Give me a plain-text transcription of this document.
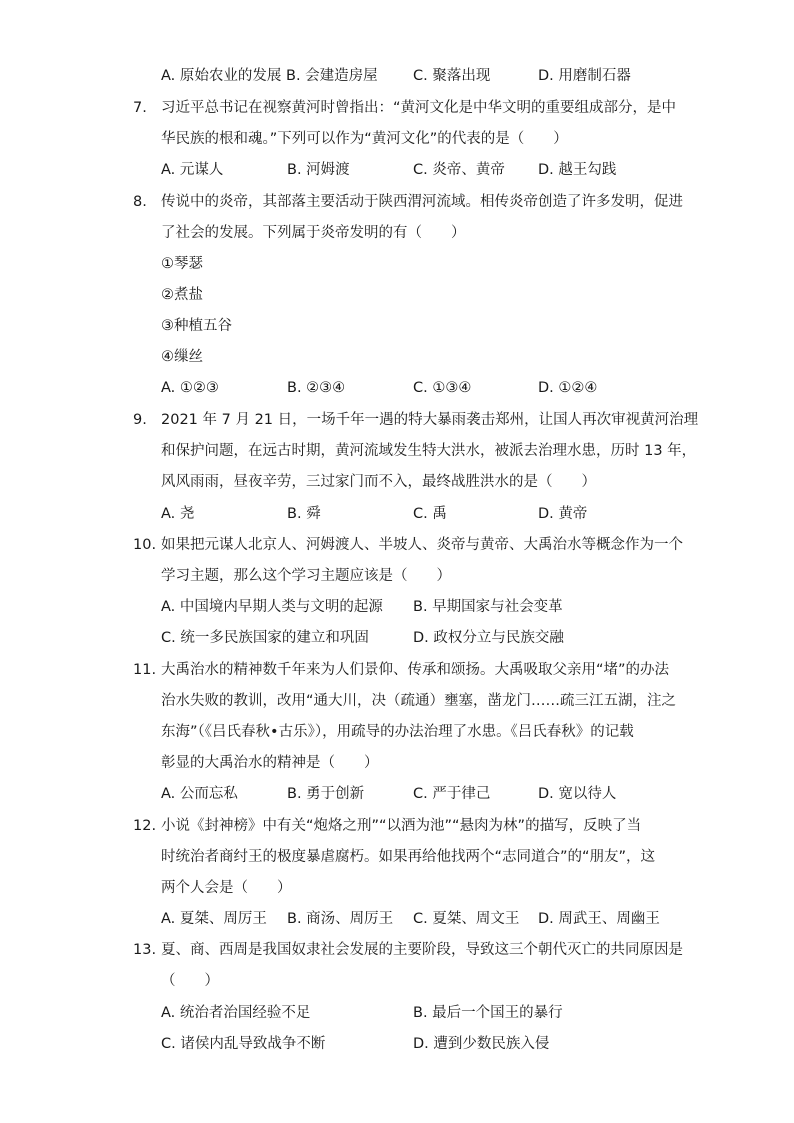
A. 原始农业的发展 B. 会建造房屋 C. 聚落出现	D. 用磨制石器
7. 习近平总书记在视察黄河时曾指出：“黄河文化是中华文明的重要组成部分，是中
华民族的根和魂。”下列可以作为“黄河文化”的代表的是（　　）
A. 元谋人	B. 河姆渡	C. 炎帝、黄帝 D. 越王勾践
8. 传说中的炎帝，其部落主要活动于陕西渭河流域。相传炎帝创造了许多发明，促进
了社会的发展。下列属于炎帝发明的有（　　）
①琴瑟
②煮盐
③种植五谷
④缫丝
A. ①②③	B. ②③④	C. ①③④	D. ①②④
9. 2021 年 7 月 21 日，一场千年一遇的特大暴雨袭击郑州，让国人再次审视黄河治理
和保护问题，在远古时期，黄河流域发生特大洪水，被派去治理水患，历时 13 年，
风风雨雨，昼夜辛劳，三过家门而不入，最终战胜洪水的是（　　）
A. 尧	B. 舜	C. 禹	D. 黄帝
10. 如果把元谋人北京人、河姆渡人、半坡人、炎帝与黄帝、大禹治水等概念作为一个
学习主题，那么这个学习主题应该是（　　）
A. 中国境内早期人类与文明的起源 B. 早期国家与社会变革
C. 统一多民族国家的建立和巩固	D. 政权分立与民族交融
11. 大禹治水的精神数千年来为人们景仰、传承和颂扬。大禹吸取父亲用“堵”的办法
治水失败的教训，改用“通大川，决（疏通）壅塞，凿龙门……疏三江五湖，注之
东海”（《吕氏春秋•古乐》），用疏导的办法治理了水患。《吕氏春秋》的记载
彰显的大禹治水的精神是（　　）
A. 公而忘私	B. 勇于创新	C. 严于律己	D. 宽以待人
12. 小说《封神榜》中有关“炮烙之刑”“以酒为池”“悬肉为林”的描写，反映了当
时统治者商纣王的极度暴虐腐朽。如果再给他找两个“志同道合”的“朋友”，这
两个人会是（　　）
A. 夏桀、周厉王 B. 商汤、周厉王 C. 夏桀、周文王 D. 周武王、周幽王
13. 夏、商、西周是我国奴隶社会发展的主要阶段，导致这三个朝代灭亡的共同原因是
（　　）
A. 统治者治国经验不足	B. 最后一个国王的暴行
C. 诸侯内乱导致战争不断	D. 遭到少数民族入侵
